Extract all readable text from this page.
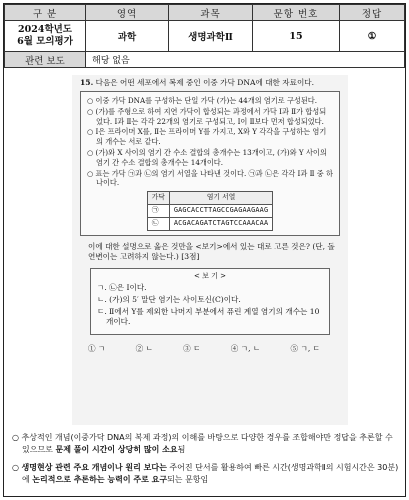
구 분	영역	과목	문항 번호	정답

2024학년도
6월 모의평가	과학	생명과학Ⅱ	15	①
관련 보도	해당 없음			
15. 다음은 어떤 세포에서 복제 중인 이중 가닥 DNA에 대한 자료이다.
○ 이중 가닥 DNA를 구성하는 단일 가닥 (가)는 44개의 염기로 구성된다.
○ (가)를 주형으로 하여 지연 가닥이 합성되는 과정에서 가닥 Ⅰ과 Ⅱ가 합성되었다. Ⅰ과 Ⅱ는 각각 22개의 염기로 구성되고, Ⅰ이 Ⅱ보다 먼저 합성되었다.
○ Ⅰ은 프라이머 X를, Ⅱ는 프라이머 Y를 가지고, X와 Y 각각을 구성하는 염기의 개수는 서로 같다.
○ (가)와 X 사이의 염기 간 수소 결합의 총개수는 13개이고, (가)와 Y 사이의 염기 간 수소 결합의 총개수는 14개이다.
○ 표는 가닥 ㉠과 ㉡의 염기 서열을 나타낸 것이다. ㉠과 ㉡은 각각 Ⅰ과 Ⅱ 중 하나이다.
가닥	염기 서열
㉠	GAGCACCTTAGCCGAGAAGAAG
㉡	ACGACAGATCTAGTCCAAACAA
이에 대한 설명으로 옳은 것만을 <보기>에서 있는 대로 고른 것은? (단, 돌연변이는 고려하지 않는다.) [3점]
< 보 기 >
ㄱ. ㉡은 Ⅰ이다.
ㄴ. (가)의 5′ 말단 염기는 사이토신(C)이다.
ㄷ. Ⅱ에서 Y를 제외한 나머지 부분에서 퓨린 계열 염기의 개수는 10개이다.
① ㄱ	② ㄴ	③ ㄷ	④ ㄱ, ㄴ	⑤ ㄱ, ㄷ
○ 추상적인 개념(이중가닥 DNA의 복제 과정)의 이해를 바탕으로 다양한 경우를 조합해야만 정답을 추론할 수 있으므로 문제 풀이 시간이 상당히 많이 소요됨
○ 생명현상 관련 주요 개념이나 원리 보다는 주어진 단서를 활용하여 빠른 시간(생명과학Ⅱ의 시험시간은 30분)에 논리적으로 추론하는 능력이 주로 요구되는 문항임
